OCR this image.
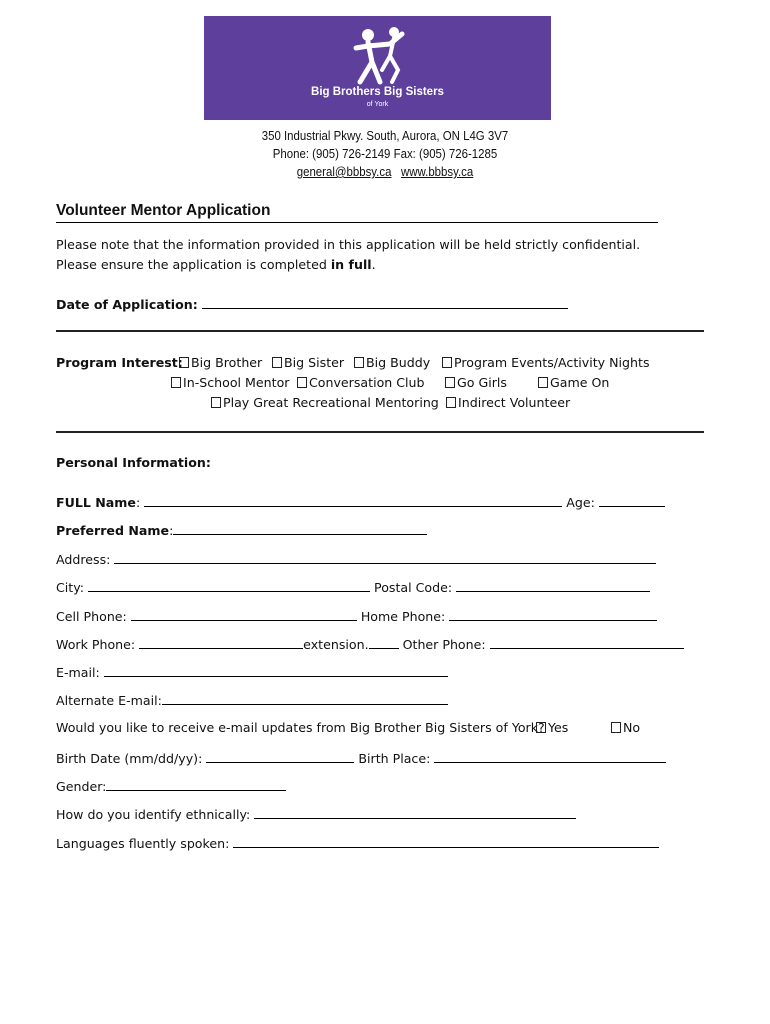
Big Brothers Big Sisters
of York
350 Industrial Pkwy. South, Aurora, ON L4G 3V7
Phone: (905) 726-2149 Fax: (905) 726-1285
general@bbbsy.ca www.bbbsy.ca
Volunteer Mentor Application
Please note that the information provided in this application will be held strictly confidential.
Please ensure the application is completed in full.
Date of Application:
Program Interest: Big Brother	Big Sister	Big Buddy	Program Events/Activity Nights
In-School Mentor	Conversation Club	Go Girls	Game On
Play Great Recreational Mentoring	Indirect Volunteer
Personal Information:
FULL Name:	Age:
Preferred Name:
Address:
City:	Postal Code:
Cell Phone:	Home Phone:
Work Phone:	extension.	Other Phone:
E-mail:
Alternate E-mail:
Would you like to receive e-mail updates from Big Brother Big Sisters of York? Yes	No
Birth Date (mm/dd/yy):	Birth Place:
Gender:
How do you identify ethnically:
Languages fluently spoken:
